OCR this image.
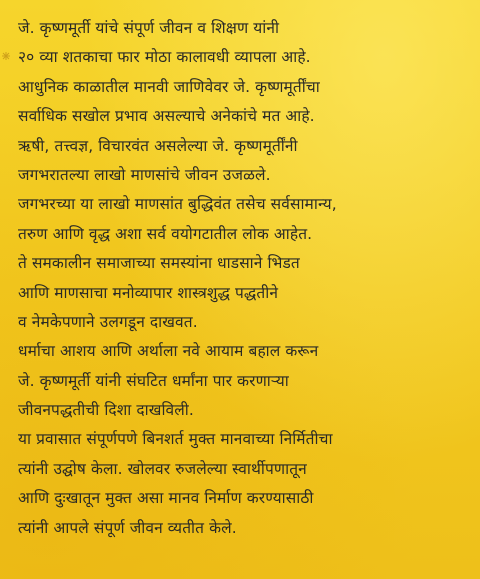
जे. कृष्णमूर्ती यांचे संपूर्ण जीवन व शिक्षण यांनी
२० व्या शतकाचा फार मोठा कालावधी व्यापला आहे.
आधुनिक काळातील मानवी जाणिवेवर जे. कृष्णमूर्तींचा
सर्वाधिक सखोल प्रभाव असल्याचे अनेकांचे मत आहे.
ऋषी, तत्त्वज्ञ, विचारवंत असलेल्या जे. कृष्णमूर्तींनी
जगभरातल्या लाखो माणसांचे जीवन उजळले.
जगभरच्या या लाखो माणसांत बुद्धिवंत तसेच सर्वसामान्य,
तरुण आणि वृद्ध अशा सर्व वयोगटातील लोक आहेत.
ते समकालीन समाजाच्या समस्यांना धाडसाने भिडत
आणि माणसाचा मनोव्यापार शास्त्रशुद्ध पद्धतीने
व नेमकेपणाने उलगडून दाखवत.
धर्माचा आशय आणि अर्थाला नवे आयाम बहाल करून
जे. कृष्णमूर्ती यांनी संघटित धर्मांना पार करणाऱ्या
जीवनपद्धतीची दिशा दाखविली.
या प्रवासात संपूर्णपणे बिनशर्त मुक्त मानवाच्या निर्मितीचा
त्यांनी उद्घोष केला. खोलवर रुजलेल्या स्वार्थीपणातून
आणि दुःखातून मुक्त असा मानव निर्माण करण्यासाठी
त्यांनी आपले संपूर्ण जीवन व्यतीत केले.
